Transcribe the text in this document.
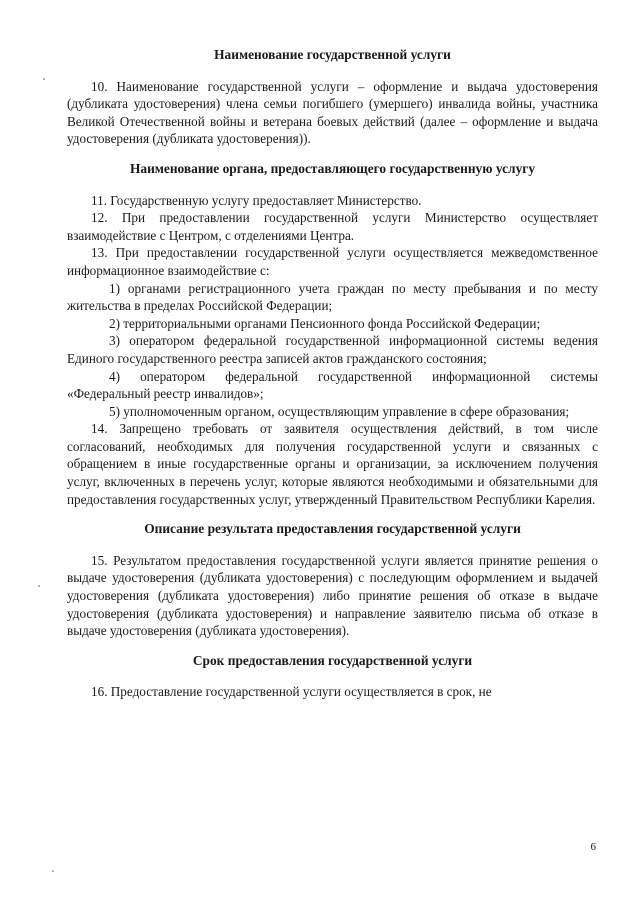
Наименование государственной услуги

10. Наименование государственной услуги – оформление и выдача удостоверения (дубликата удостоверения) члена семьи погибшего (умершего) инвалида войны, участника Великой Отечественной войны и ветерана боевых действий (далее – оформление и выдача удостоверения (дубликата удостоверения)).

Наименование органа, предоставляющего государственную услугу

11. Государственную услугу предоставляет Министерство.

12. При предоставлении государственной услуги Министерство осуществляет взаимодействие с Центром, с отделениями Центра.

13. При предоставлении государственной услуги осуществляется межведомственное информационное взаимодействие с:

1) органами регистрационного учета граждан по месту пребывания и по месту жительства в пределах Российской Федерации;

2) территориальными органами Пенсионного фонда Российской Федерации;

3) оператором федеральной государственной информационной системы ведения Единого государственного реестра записей актов гражданского состояния;

4) оператором федеральной государственной информационной системы «Федеральный реестр инвалидов»;

5) уполномоченным органом, осуществляющим управление в сфере образования;

14. Запрещено требовать от заявителя осуществления действий, в том числе согласований, необходимых для получения государственной услуги и связанных с обращением в иные государственные органы и организации, за исключением получения услуг, включенных в перечень услуг, которые являются необходимыми и обязательными для предоставления государственных услуг, утвержденный Правительством Республики Карелия.

Описание результата предоставления государственной услуги

15. Результатом предоставления государственной услуги является принятие решения о выдаче удостоверения (дубликата удостоверения) с последующим оформлением и выдачей удостоверения (дубликата удостоверения) либо принятие решения об отказе в выдаче удостоверения (дубликата удостоверения) и направление заявителю письма об отказе в выдаче удостоверения (дубликата удостоверения).

Срок предоставления государственной услуги

16. Предоставление государственной услуги осуществляется в срок, не

6
